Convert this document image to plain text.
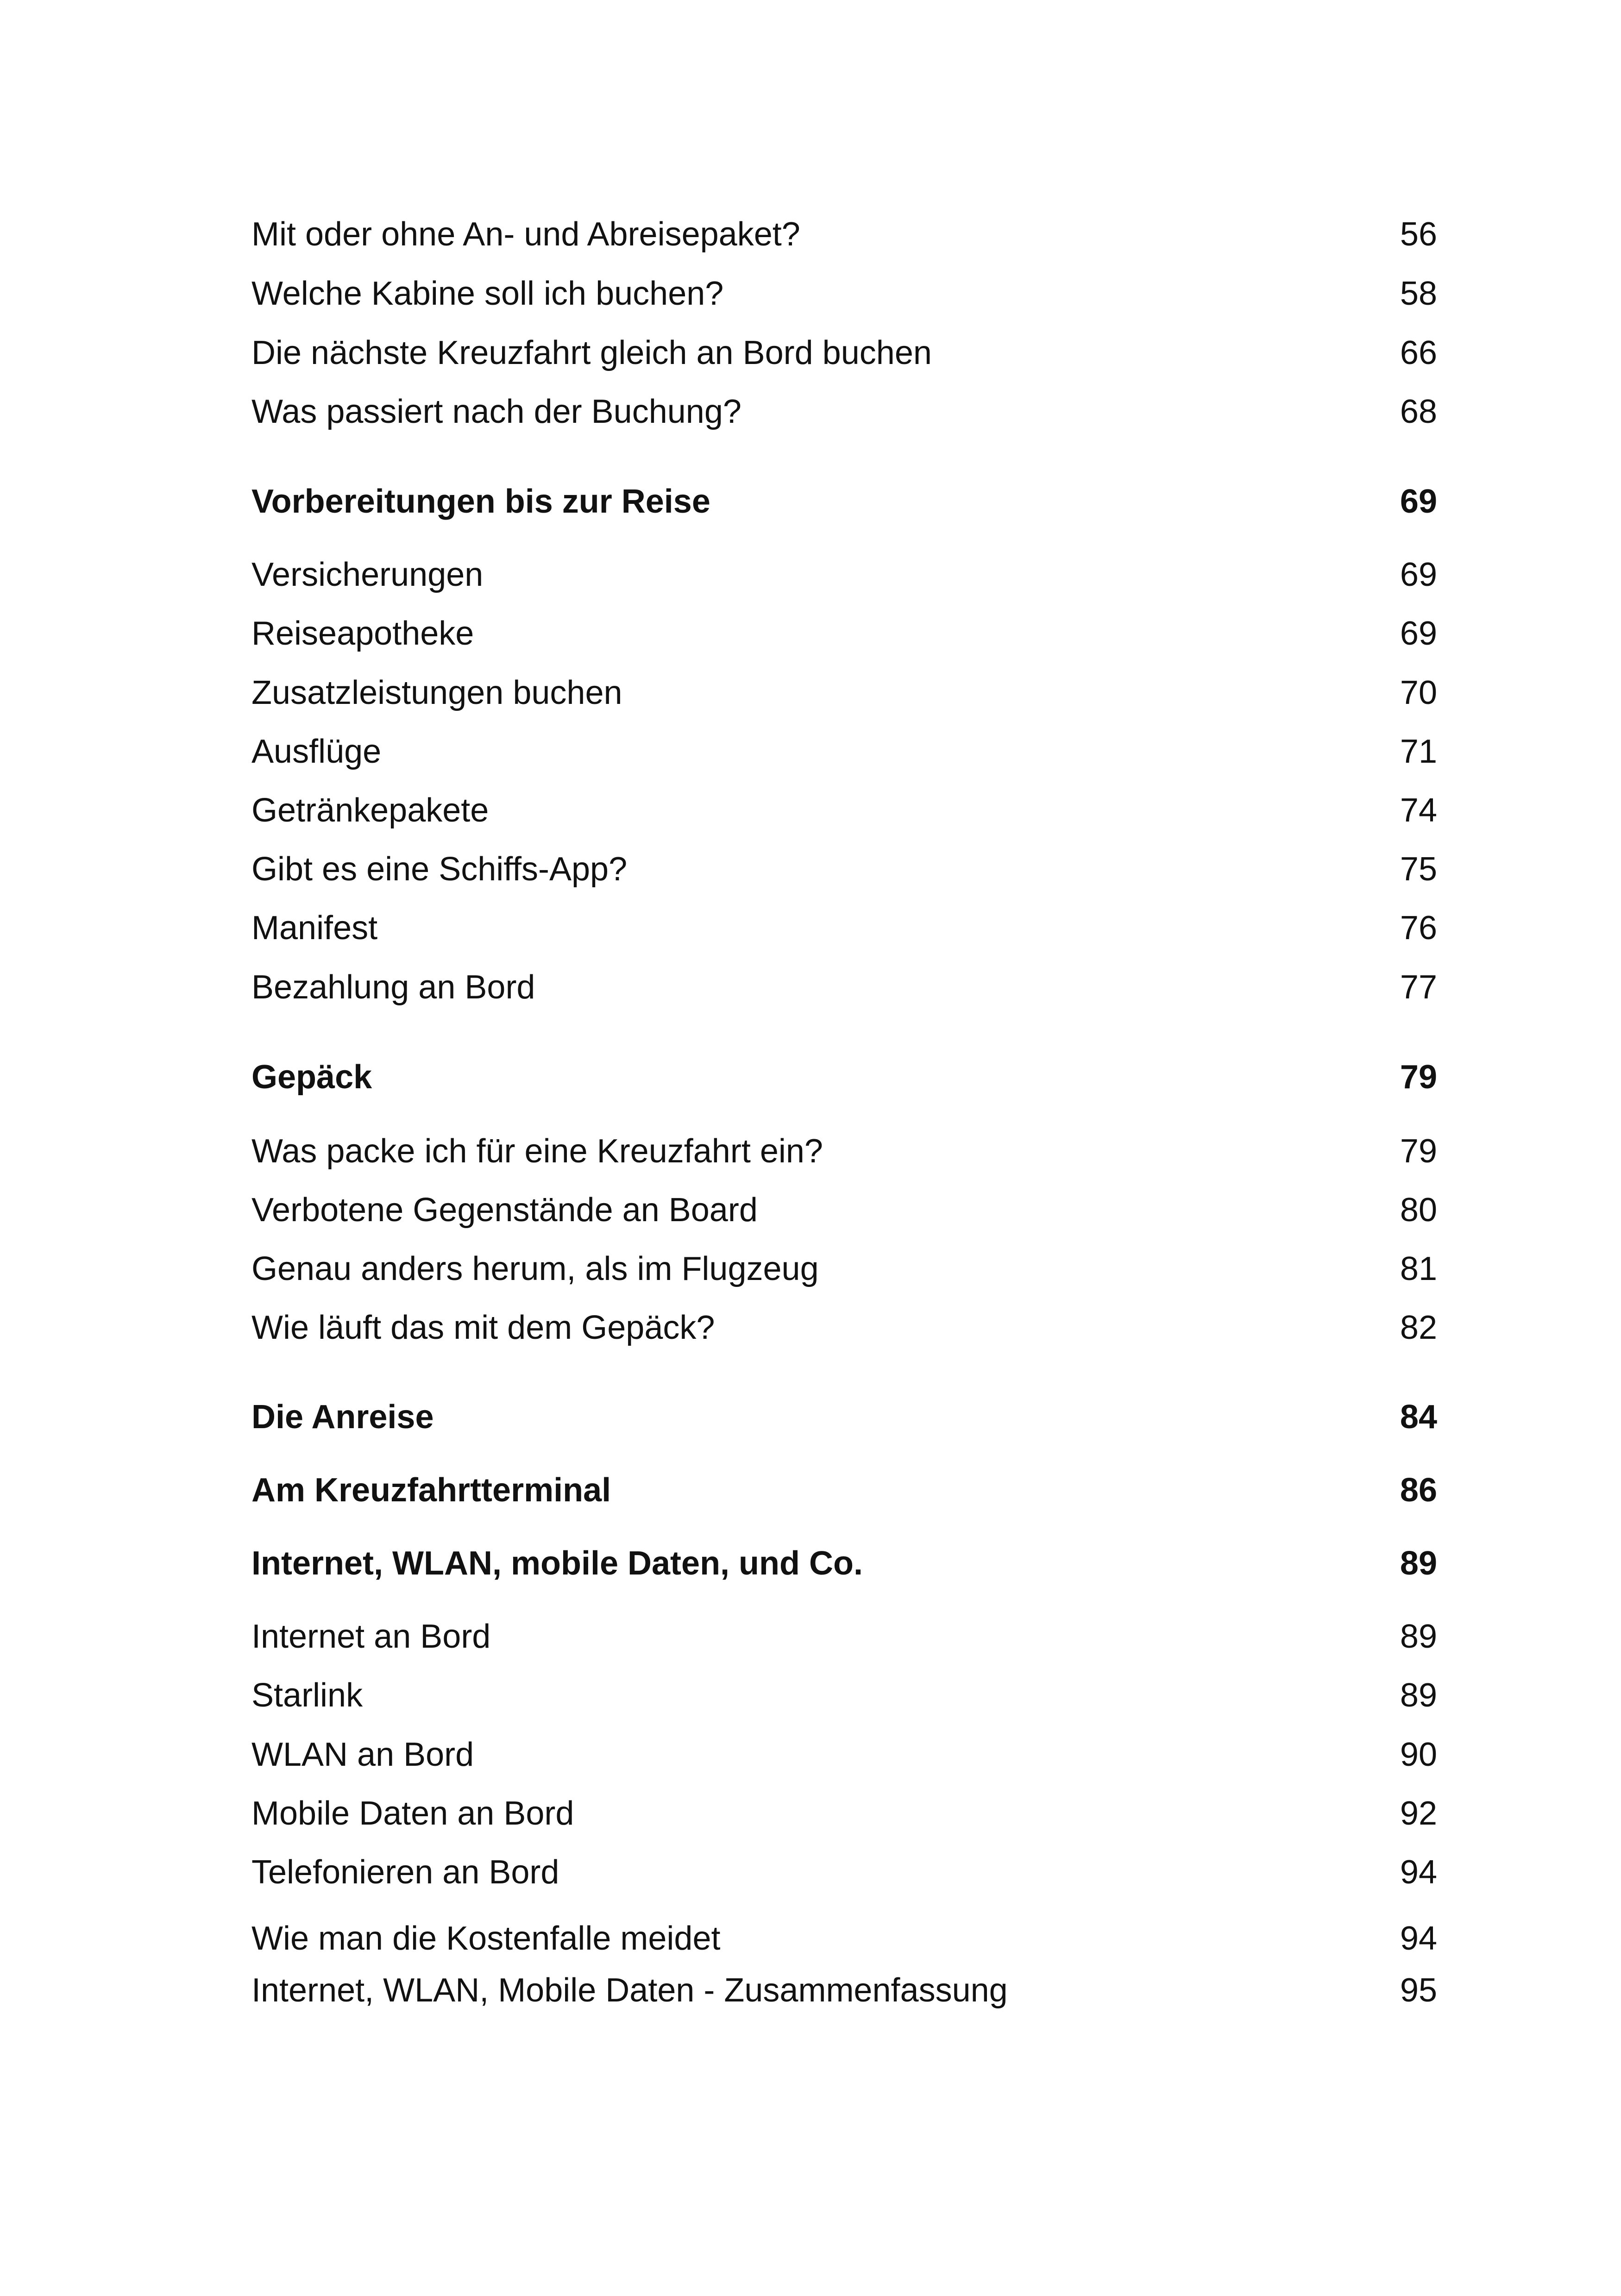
Mit oder ohne An- und Abreisepaket?	56
Welche Kabine soll ich buchen?	58
Die nächste Kreuzfahrt gleich an Bord buchen	66
Was passiert nach der Buchung?	68
Vorbereitungen bis zur Reise	69
Versicherungen	69
Reiseapotheke	69
Zusatzleistungen buchen	70
Ausflüge	71
Getränkepakete	74
Gibt es eine Schiffs-App?	75
Manifest	76
Bezahlung an Bord	77
Gepäck	79
Was packe ich für eine Kreuzfahrt ein?	79
Verbotene Gegenstände an Board	80
Genau anders herum, als im Flugzeug	81
Wie läuft das mit dem Gepäck?	82
Die Anreise	84
Am Kreuzfahrtterminal	86
Internet, WLAN, mobile Daten, und Co.	89
Internet an Bord	89
Starlink	89
WLAN an Bord	90
Mobile Daten an Bord	92
Telefonieren an Bord	94
Wie man die Kostenfalle meidet	94
Internet, WLAN, Mobile Daten - Zusammenfassung	95
